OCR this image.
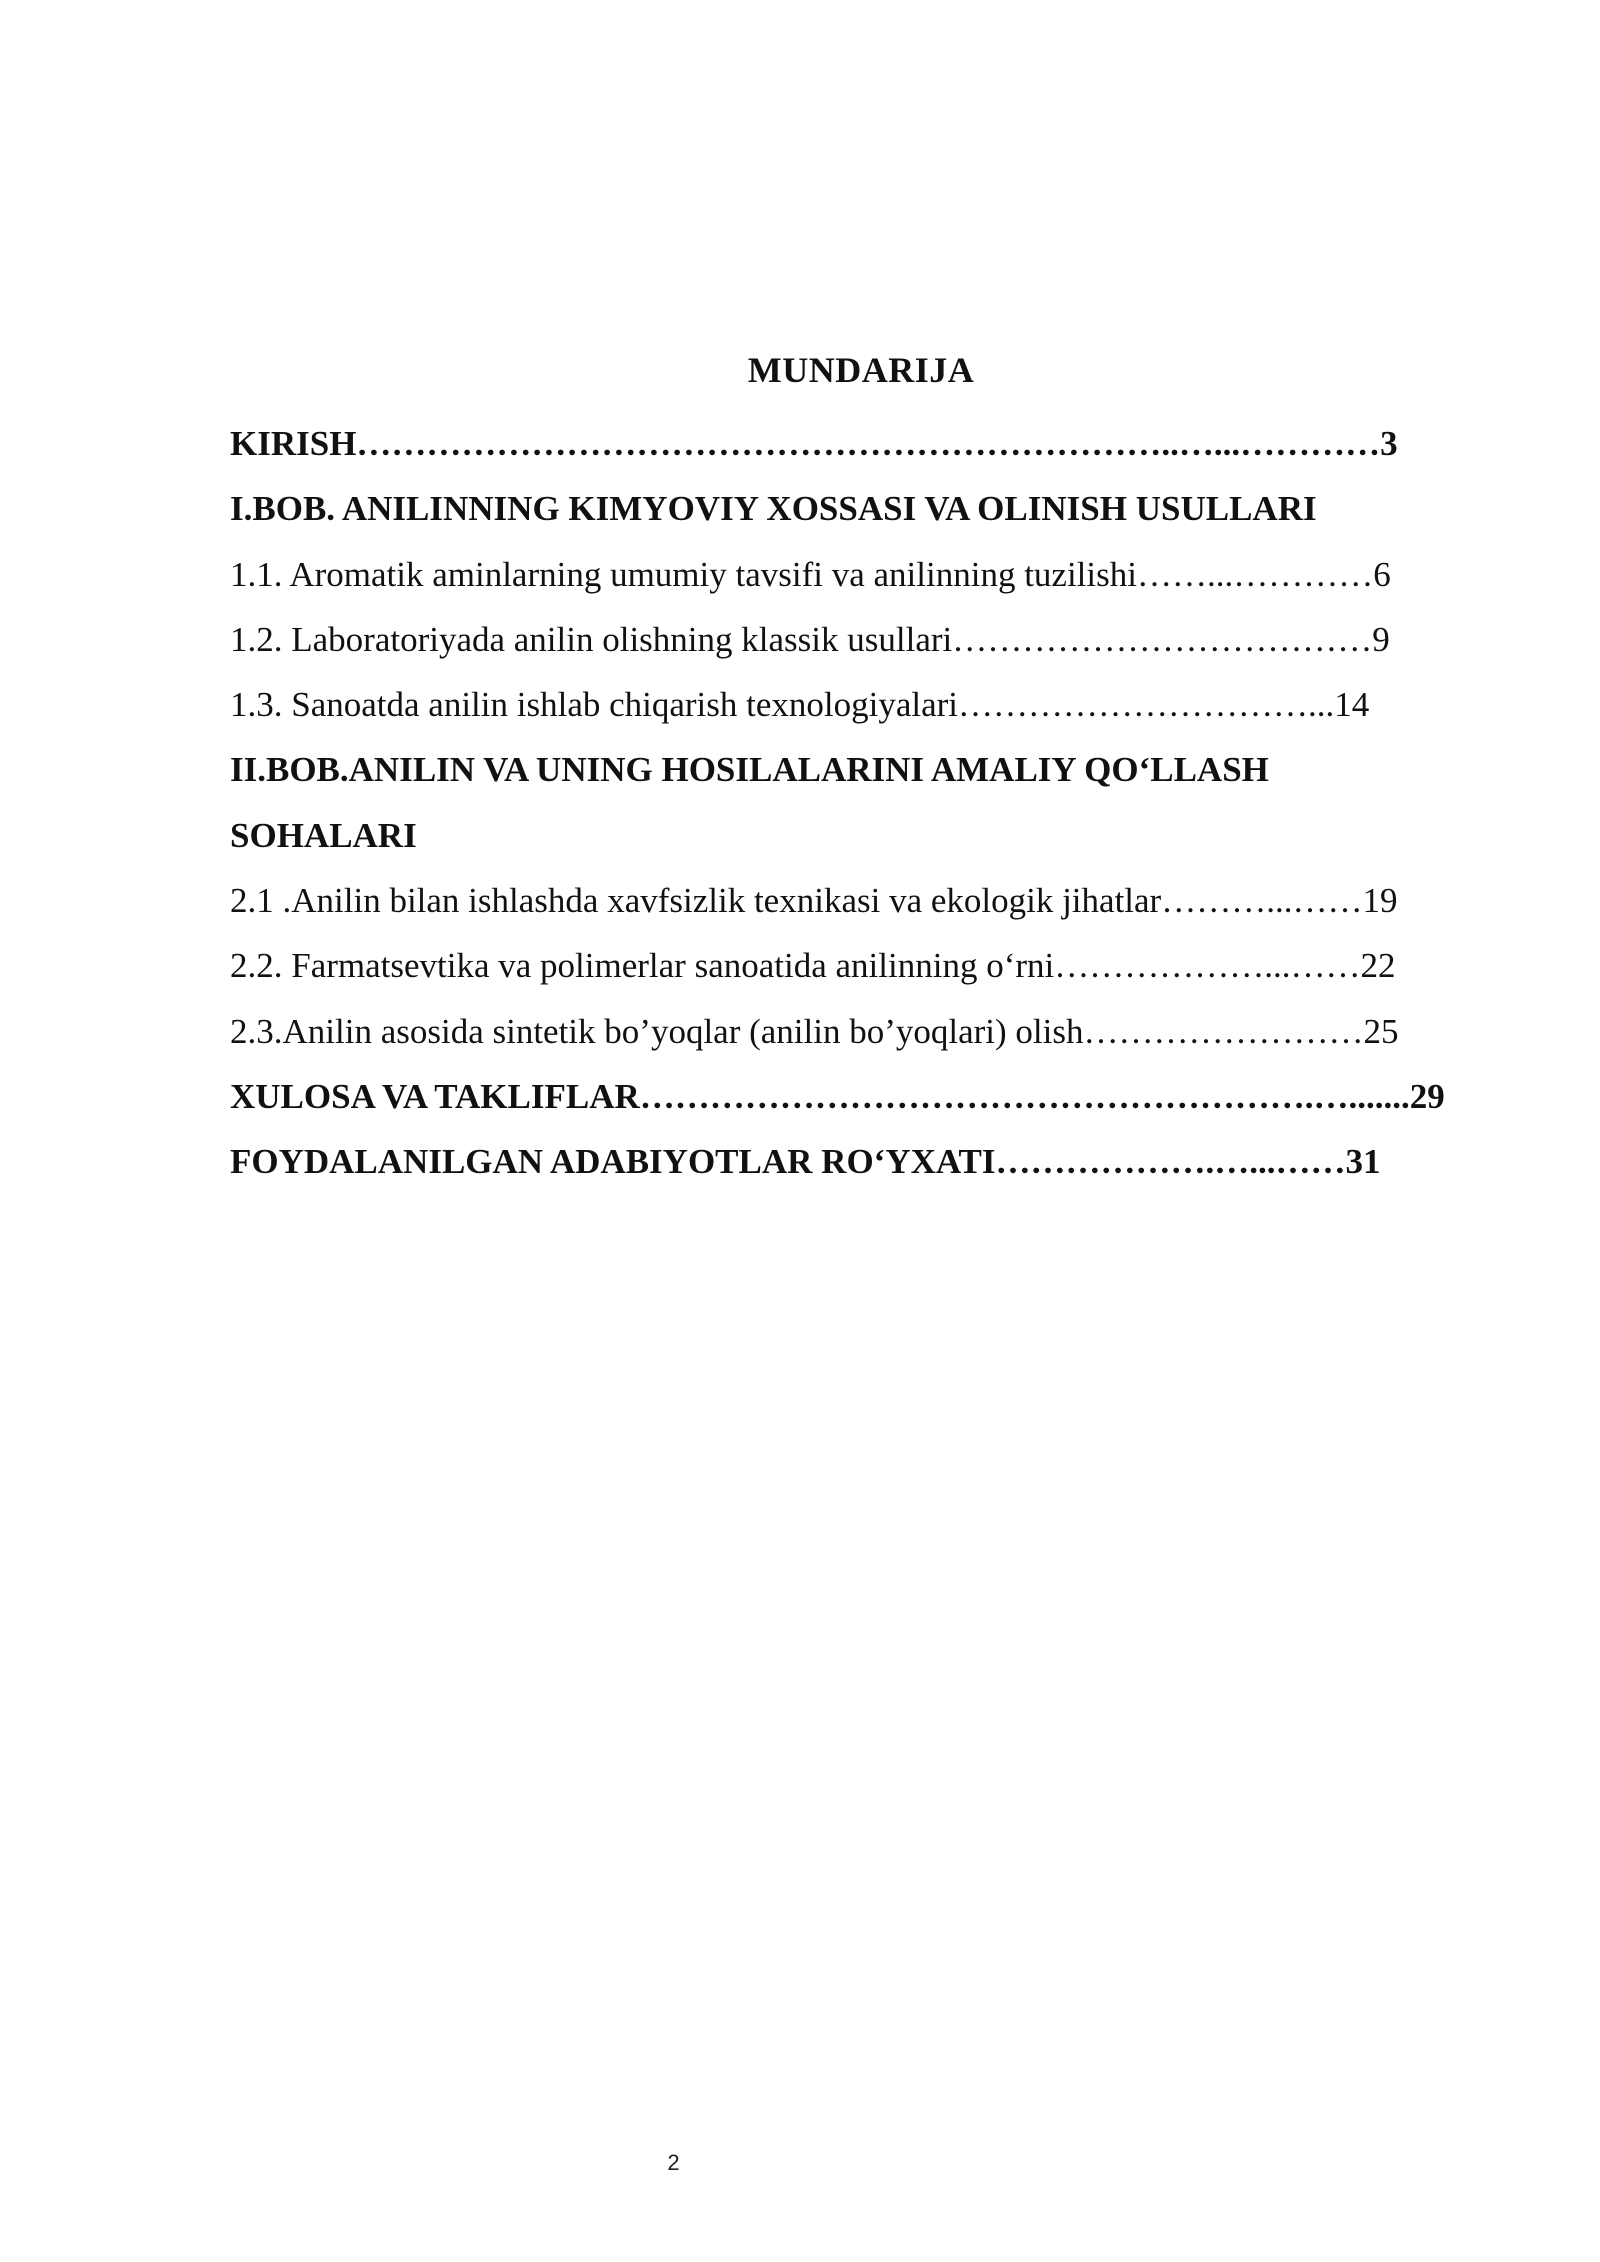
MUNDARIJA
KIRISH……………………………………………………………..…...…………3
I.BOB. ANILINNING KIMYOVIY XOSSASI VA OLINISH USULLARI
1.1. Aromatik aminlarning umumiy tavsifi va anilinning tuzilishi……...…………6
1.2. Laboratoriyada anilin olishning klassik usullari………………………………9
1.3. Sanoatda anilin ishlab chiqarish texnologiyalari…………………………...14
II.BOB.ANILIN VA UNING HOSILALARINI AMALIY QO‘LLASH
SOHALARI
2.1 .Anilin bilan ishlashda xavfsizlik texnikasi va ekologik jihatlar………...……19
2.2. Farmatsevtika va polimerlar sanoatida anilinning o‘rni………………...……22
2.3.Anilin asosida sintetik bo’yoqlar (anilin bo’yoqlari) olish……………………25
XULOSA VA TAKLIFLAR………………………………………………….….......29
FOYDALANILGAN ADABIYOTLAR RO‘YXATI……………….…...……31
2
